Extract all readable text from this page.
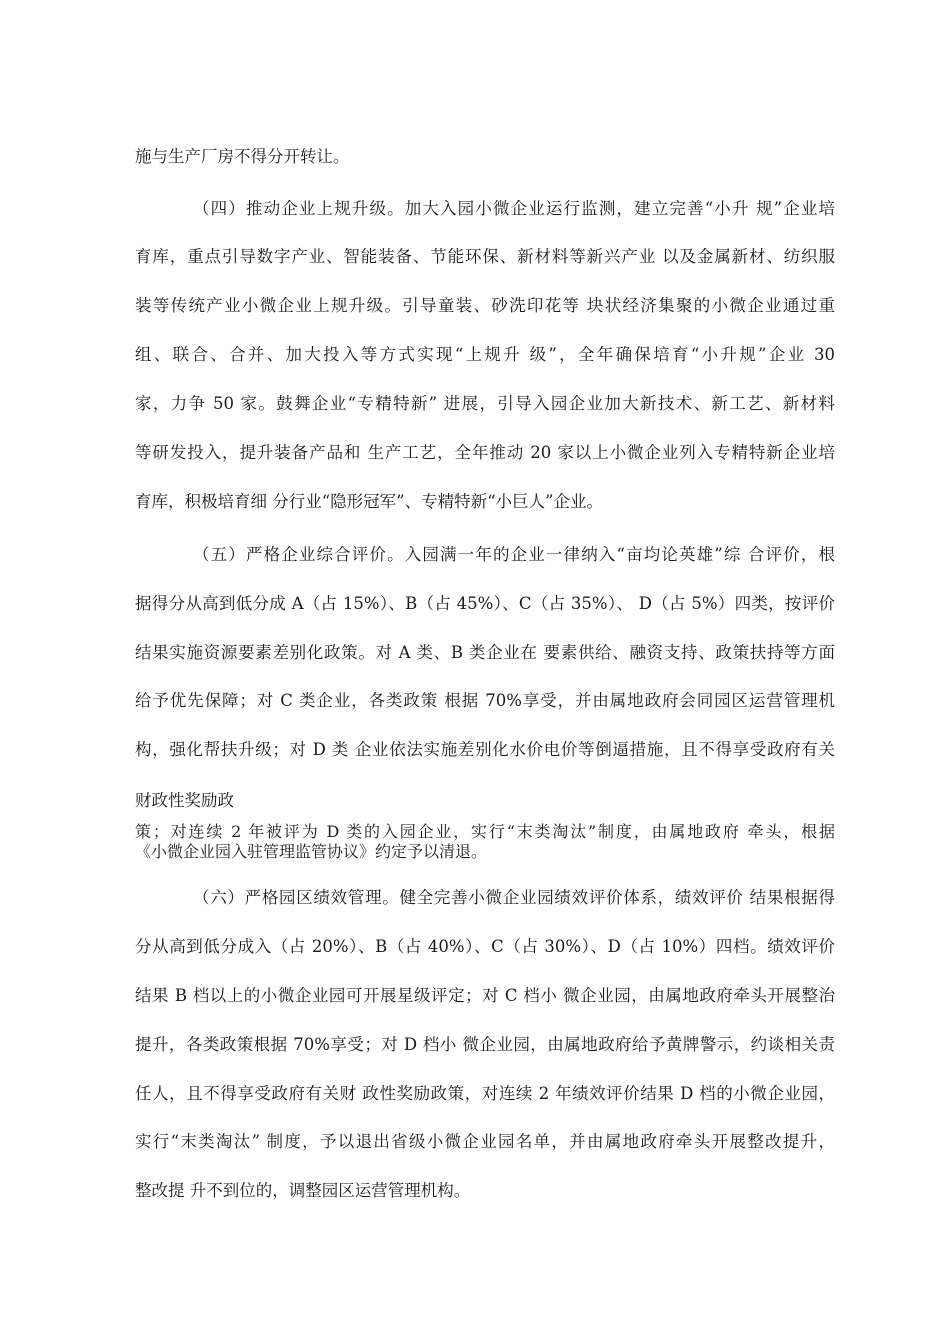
施与生产厂房不得分开转让。
（四）推动企业上规升级。加大入园小微企业运行监测，建立完善“小升 规”企业培
育库，重点引导数字产业、智能装备、节能环保、新材料等新兴产业 以及金属新材、纺织服
装等传统产业小微企业上规升级。引导童装、砂洗印花等 块状经济集聚的小微企业通过重
组、联合、合并、加大投入等方式实现“上规升 级”，全年确保培育“小升规”企业 30
家，力争 50 家。鼓舞企业“专精特新” 进展，引导入园企业加大新技术、新工艺、新材料
等研发投入，提升装备产品和 生产工艺，全年推动 20 家以上小微企业列入专精特新企业培
育库，积极培育细 分行业“隐形冠军”、专精特新“小巨人”企业。
（五）严格企业综合评价。入园满一年的企业一律纳入“亩均论英雄”综 合评价，根
据得分从高到低分成 A（占 15%）、B（占 45%）、C（占 35%）、 D（占 5%）四类，按评价
结果实施资源要素差别化政策。对 A 类、B 类企业在 要素供给、融资支持、政策扶持等方面
给予优先保障；对 C 类企业，各类政策 根据 70%享受，并由属地政府会同园区运营管理机
构，强化帮扶升级；对 D 类 企业依法实施差别化水价电价等倒逼措施，且不得享受政府有关
财政性奖励政
策；对连续 2 年被评为 D 类的入园企业，实行“末类淘汰”制度，由属地政府 牵头，根据
《小微企业园入驻管理监管协议》约定予以清退。
（六）严格园区绩效管理。健全完善小微企业园绩效评价体系，绩效评价 结果根据得
分从高到低分成入（占 20%）、B（占 40%）、C（占 30%）、D（占 10%）四档。绩效评价
结果 B 档以上的小微企业园可开展星级评定；对 C 档小 微企业园，由属地政府牵头开展整治
提升，各类政策根据 70%享受；对 D 档小 微企业园，由属地政府给予黄牌警示，约谈相关责
任人，且不得享受政府有关财 政性奖励政策，对连续 2 年绩效评价结果 D 档的小微企业园，
实行“末类淘汰” 制度，予以退出省级小微企业园名单，并由属地政府牵头开展整改提升，
整改提 升不到位的，调整园区运营管理机构。
